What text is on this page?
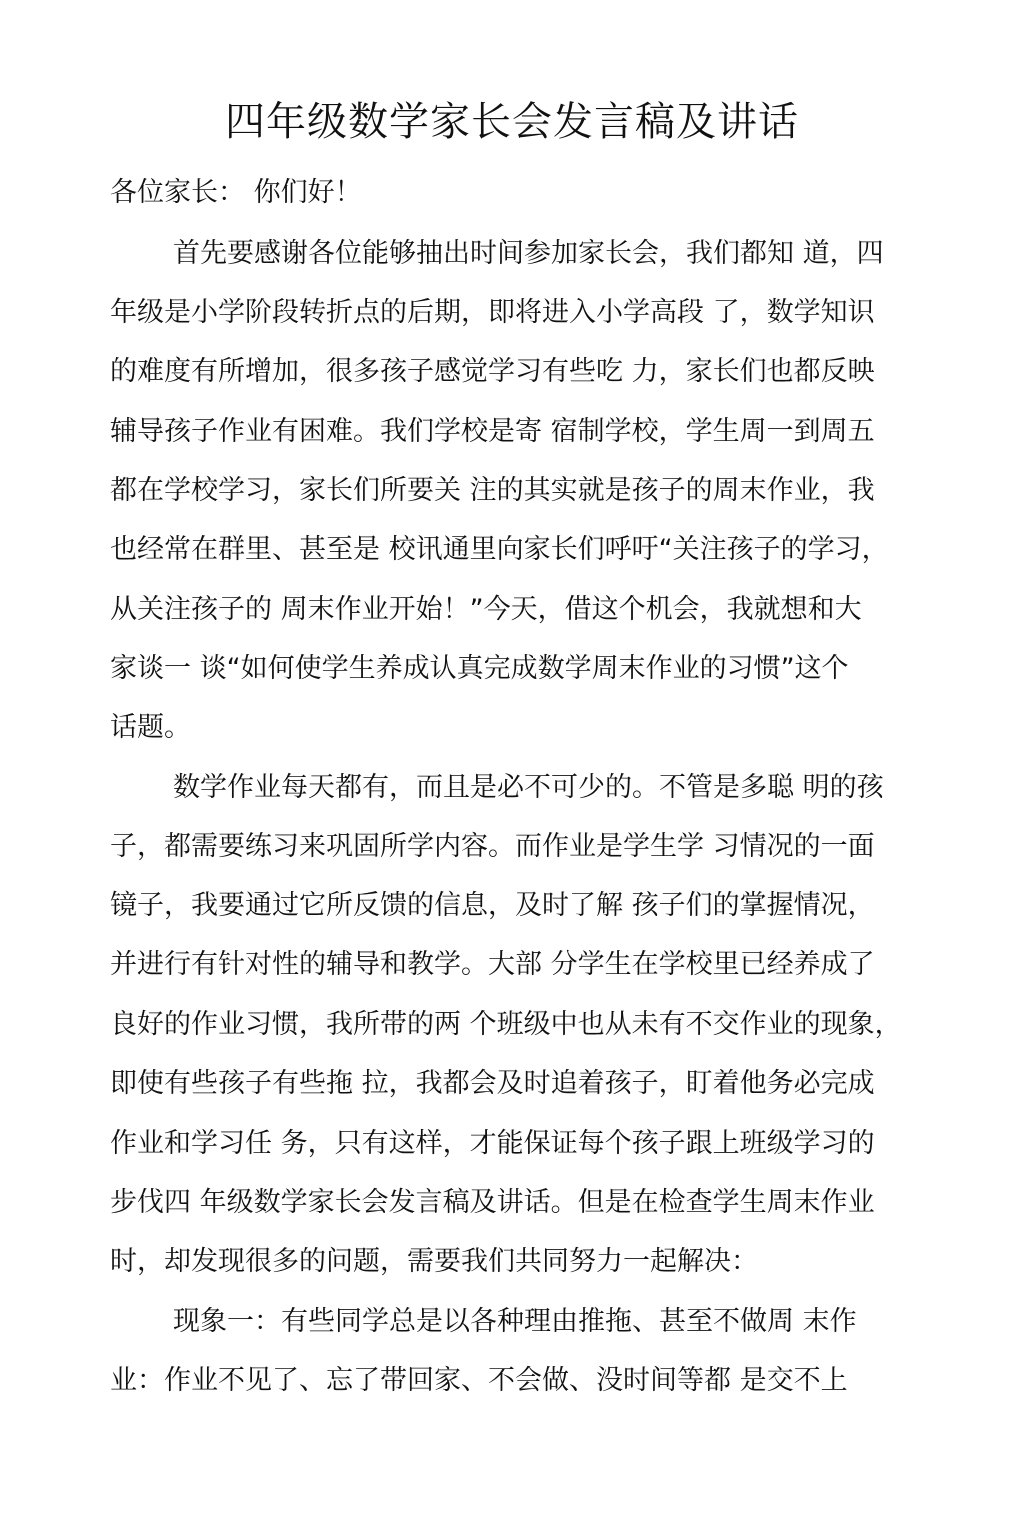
四年级数学家长会发言稿及讲话

各位家长： 你们好！

首先要感谢各位能够抽出时间参加家长会，我们都知 道，四

年级是小学阶段转折点的后期，即将进入小学高段 了，数学知识

的难度有所增加，很多孩子感觉学习有些吃 力，家长们也都反映

辅导孩子作业有困难。我们学校是寄 宿制学校，学生周一到周五

都在学校学习，家长们所要关 注的其实就是孩子的周末作业，我

也经常在群里、甚至是 校讯通里向家长们呼吁“关注孩子的学习，

从关注孩子的 周末作业开始！”今天，借这个机会，我就想和大

家谈一 谈“如何使学生养成认真完成数学周末作业的习惯”这个

话题。

数学作业每天都有，而且是必不可少的。不管是多聪 明的孩

子，都需要练习来巩固所学内容。而作业是学生学 习情况的一面

镜子，我要通过它所反馈的信息，及时了解 孩子们的掌握情况，

并进行有针对性的辅导和教学。大部 分学生在学校里已经养成了

良好的作业习惯，我所带的两 个班级中也从未有不交作业的现象，

即使有些孩子有些拖 拉，我都会及时追着孩子，盯着他务必完成

作业和学习任 务，只有这样，才能保证每个孩子跟上班级学习的

步伐四 年级数学家长会发言稿及讲话。但是在检查学生周末作业

时，却发现很多的问题，需要我们共同努力一起解决：

现象一：有些同学总是以各种理由推拖、甚至不做周 末作

业：作业不见了、忘了带回家、不会做、没时间等都 是交不上
